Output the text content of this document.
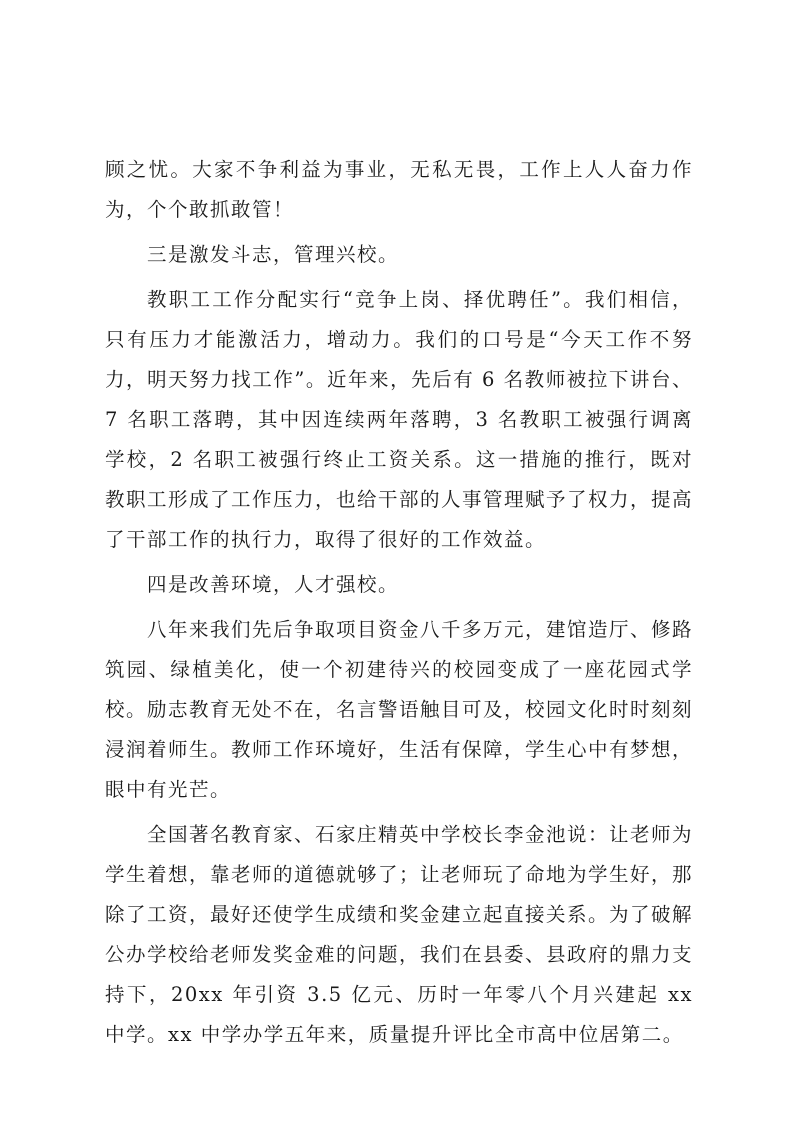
顾之忧。大家不争利益为事业，无私无畏，工作上人人奋力作为，个个敢抓敢管！

三是激发斗志，管理兴校。

教职工工作分配实行“竞争上岗、择优聘任”。我们相信，只有压力才能激活力，增动力。我们的口号是“今天工作不努力，明天努力找工作”。近年来，先后有 6 名教师被拉下讲台、7 名职工落聘，其中因连续两年落聘，3 名教职工被强行调离学校，2 名职工被强行终止工资关系。这一措施的推行，既对教职工形成了工作压力，也给干部的人事管理赋予了权力，提高了干部工作的执行力，取得了很好的工作效益。

四是改善环境，人才强校。

八年来我们先后争取项目资金八千多万元，建馆造厅、修路筑园、绿植美化，使一个初建待兴的校园变成了一座花园式学校。励志教育无处不在，名言警语触目可及，校园文化时时刻刻浸润着师生。教师工作环境好，生活有保障，学生心中有梦想，眼中有光芒。

全国著名教育家、石家庄精英中学校长李金池说：让老师为学生着想，靠老师的道德就够了；让老师玩了命地为学生好，那除了工资，最好还使学生成绩和奖金建立起直接关系。为了破解公办学校给老师发奖金难的问题，我们在县委、县政府的鼎力支持下，20xx 年引资 3.5 亿元、历时一年零八个月兴建起 xx 中学。xx 中学办学五年来，质量提升评比全市高中位居第二。
